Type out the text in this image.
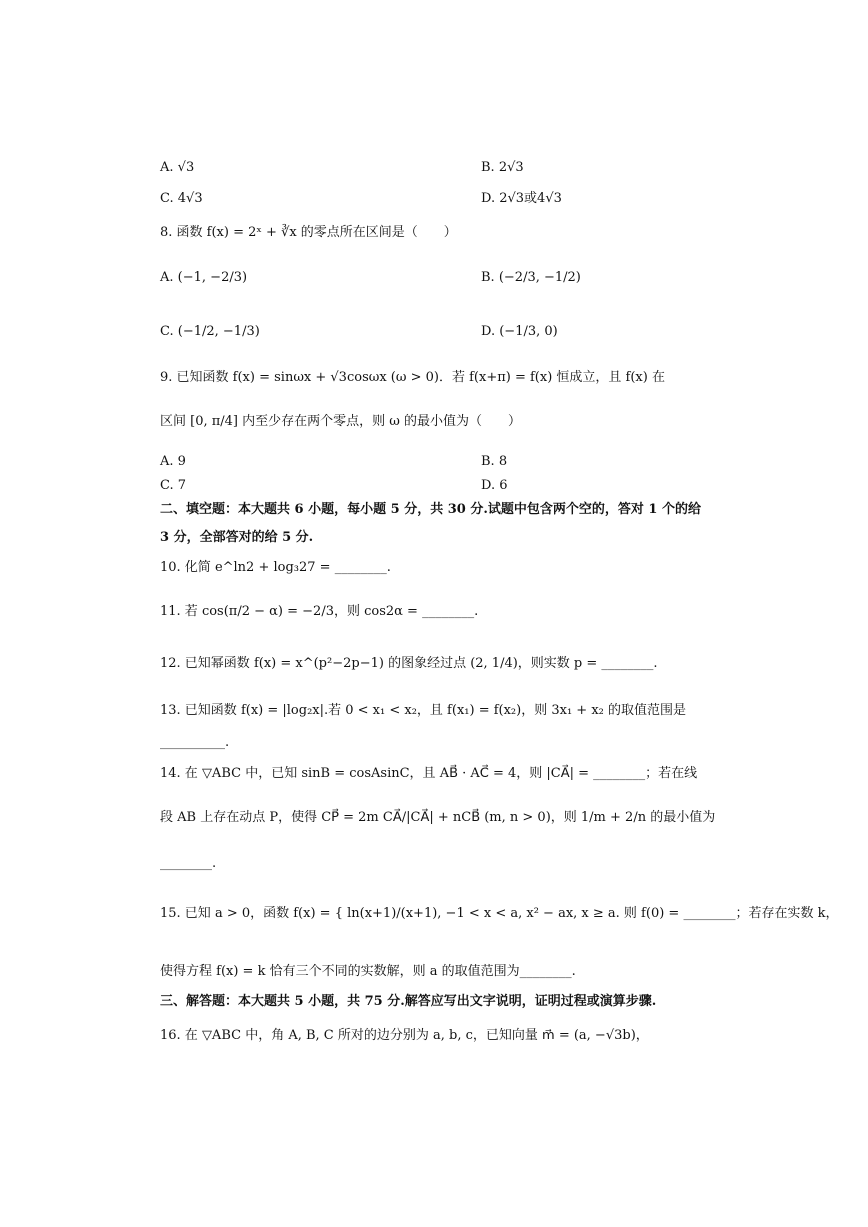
A. √3	B. 2√3
C. 4√3	D. 2√3或4√3
8. 函数 f(x) = 2ˣ + ∛x 的零点所在区间是（　　）
A. (−1, −2/3)	B. (−2/3, −1/2)
C. (−1/2, −1/3)	D. (−1/3, 0)
9. 已知函数 f(x) = sinωx + √3cosωx (ω > 0)．若 f(x+π) = f(x) 恒成立，且 f(x) 在
区间 [0, π/4] 内至少存在两个零点，则 ω 的最小值为（　　）
A. 9	B. 8
C. 7	D. 6
二、填空题：本大题共 6 小题，每小题 5 分，共 30 分.试题中包含两个空的，答对 1 个的给
3 分，全部答对的给 5 分.
10. 化简 e^ln2 + log₃27 = ________.
11. 若 cos(π/2 − α) = −2/3，则 cos2α = ________.
12. 已知幂函数 f(x) = x^(p²−2p−1) 的图象经过点 (2, 1/4)，则实数 p = ________.
13. 已知函数 f(x) = |log₂x|.若 0 < x₁ < x₂，且 f(x₁) = f(x₂)，则 3x₁ + x₂ 的取值范围是
__________.
14. 在 ▽ABC 中，已知 sinB = cosAsinC，且 AB⃗ · AC⃗ = 4，则 |CA⃗| = ________；若在线
段 AB 上存在动点 P，使得 CP⃗ = 2m CA⃗/|CA⃗| + nCB⃗ (m, n > 0)，则 1/m + 2/n 的最小值为
________.
15. 已知 a > 0，函数 f(x) = { ln(x+1)/(x+1), −1 < x < a, x² − ax, x ≥ a. 则 f(0) = ________；若存在实数 k，
使得方程 f(x) = k 恰有三个不同的实数解，则 a 的取值范围为________.
三、解答题：本大题共 5 小题，共 75 分.解答应写出文字说明，证明过程或演算步骤.
16. 在 ▽ABC 中，角 A, B, C 所对的边分别为 a, b, c，已知向量 m⃗ = (a, −√3b)，
